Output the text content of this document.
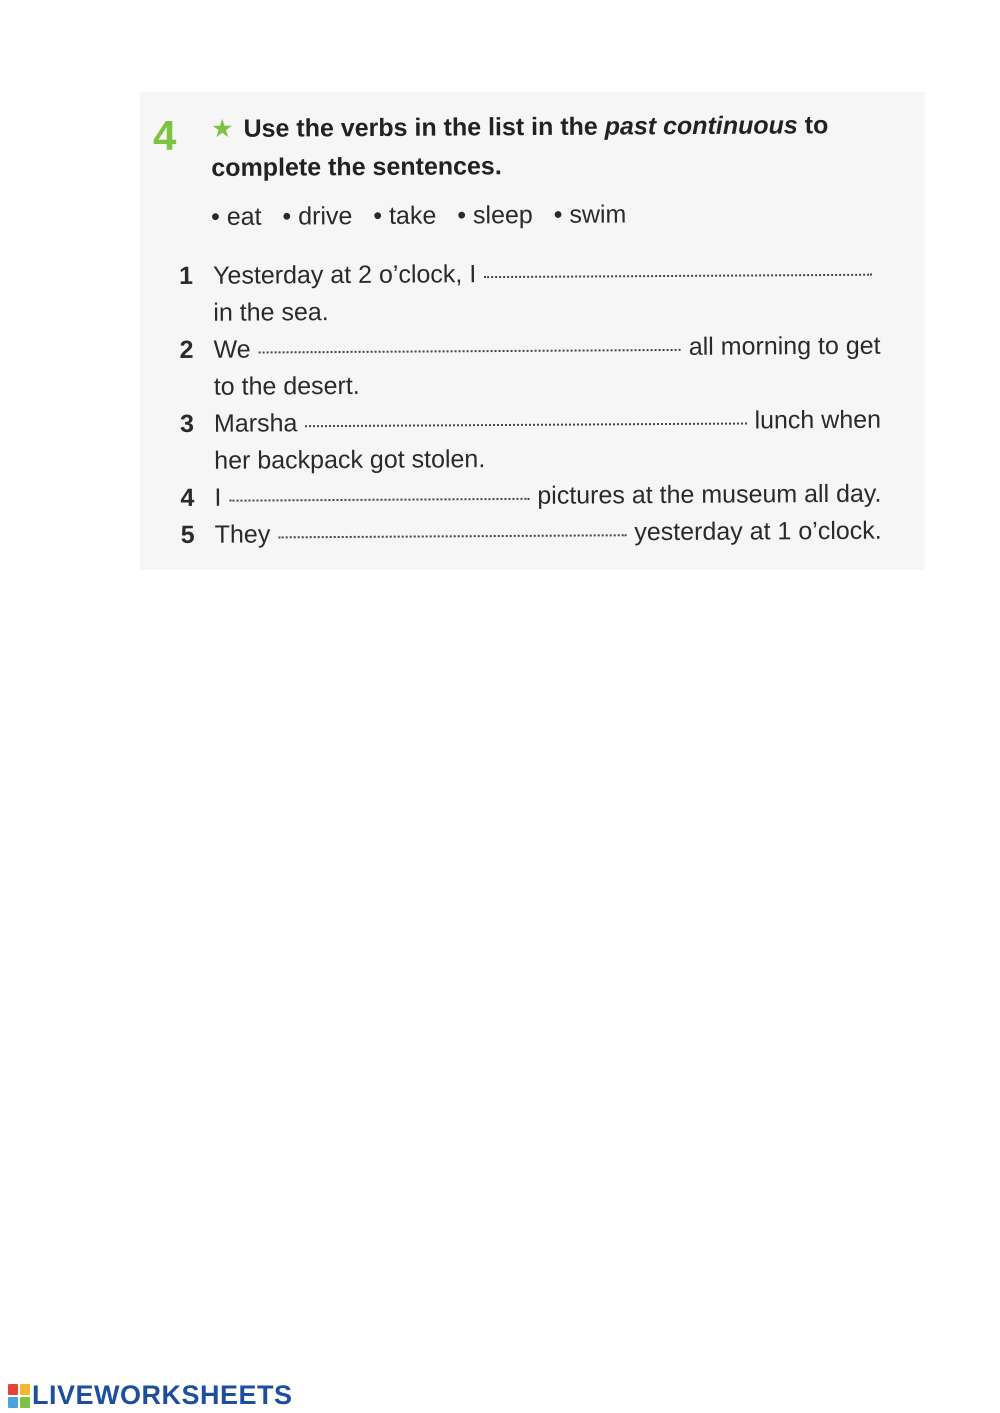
4 ★ Use the verbs in the list in the past continuous to complete the sentences.
• eat • drive • take • sleep • swim
1 Yesterday at 2 o’clock, I
in the sea.
2 We	all morning to get
to the desert.
3 Marsha	lunch when
her backpack got stolen.
4 I	pictures at the museum all day.
5 They	yesterday at 1 o’clock.
LIVEWORKSHEETS
